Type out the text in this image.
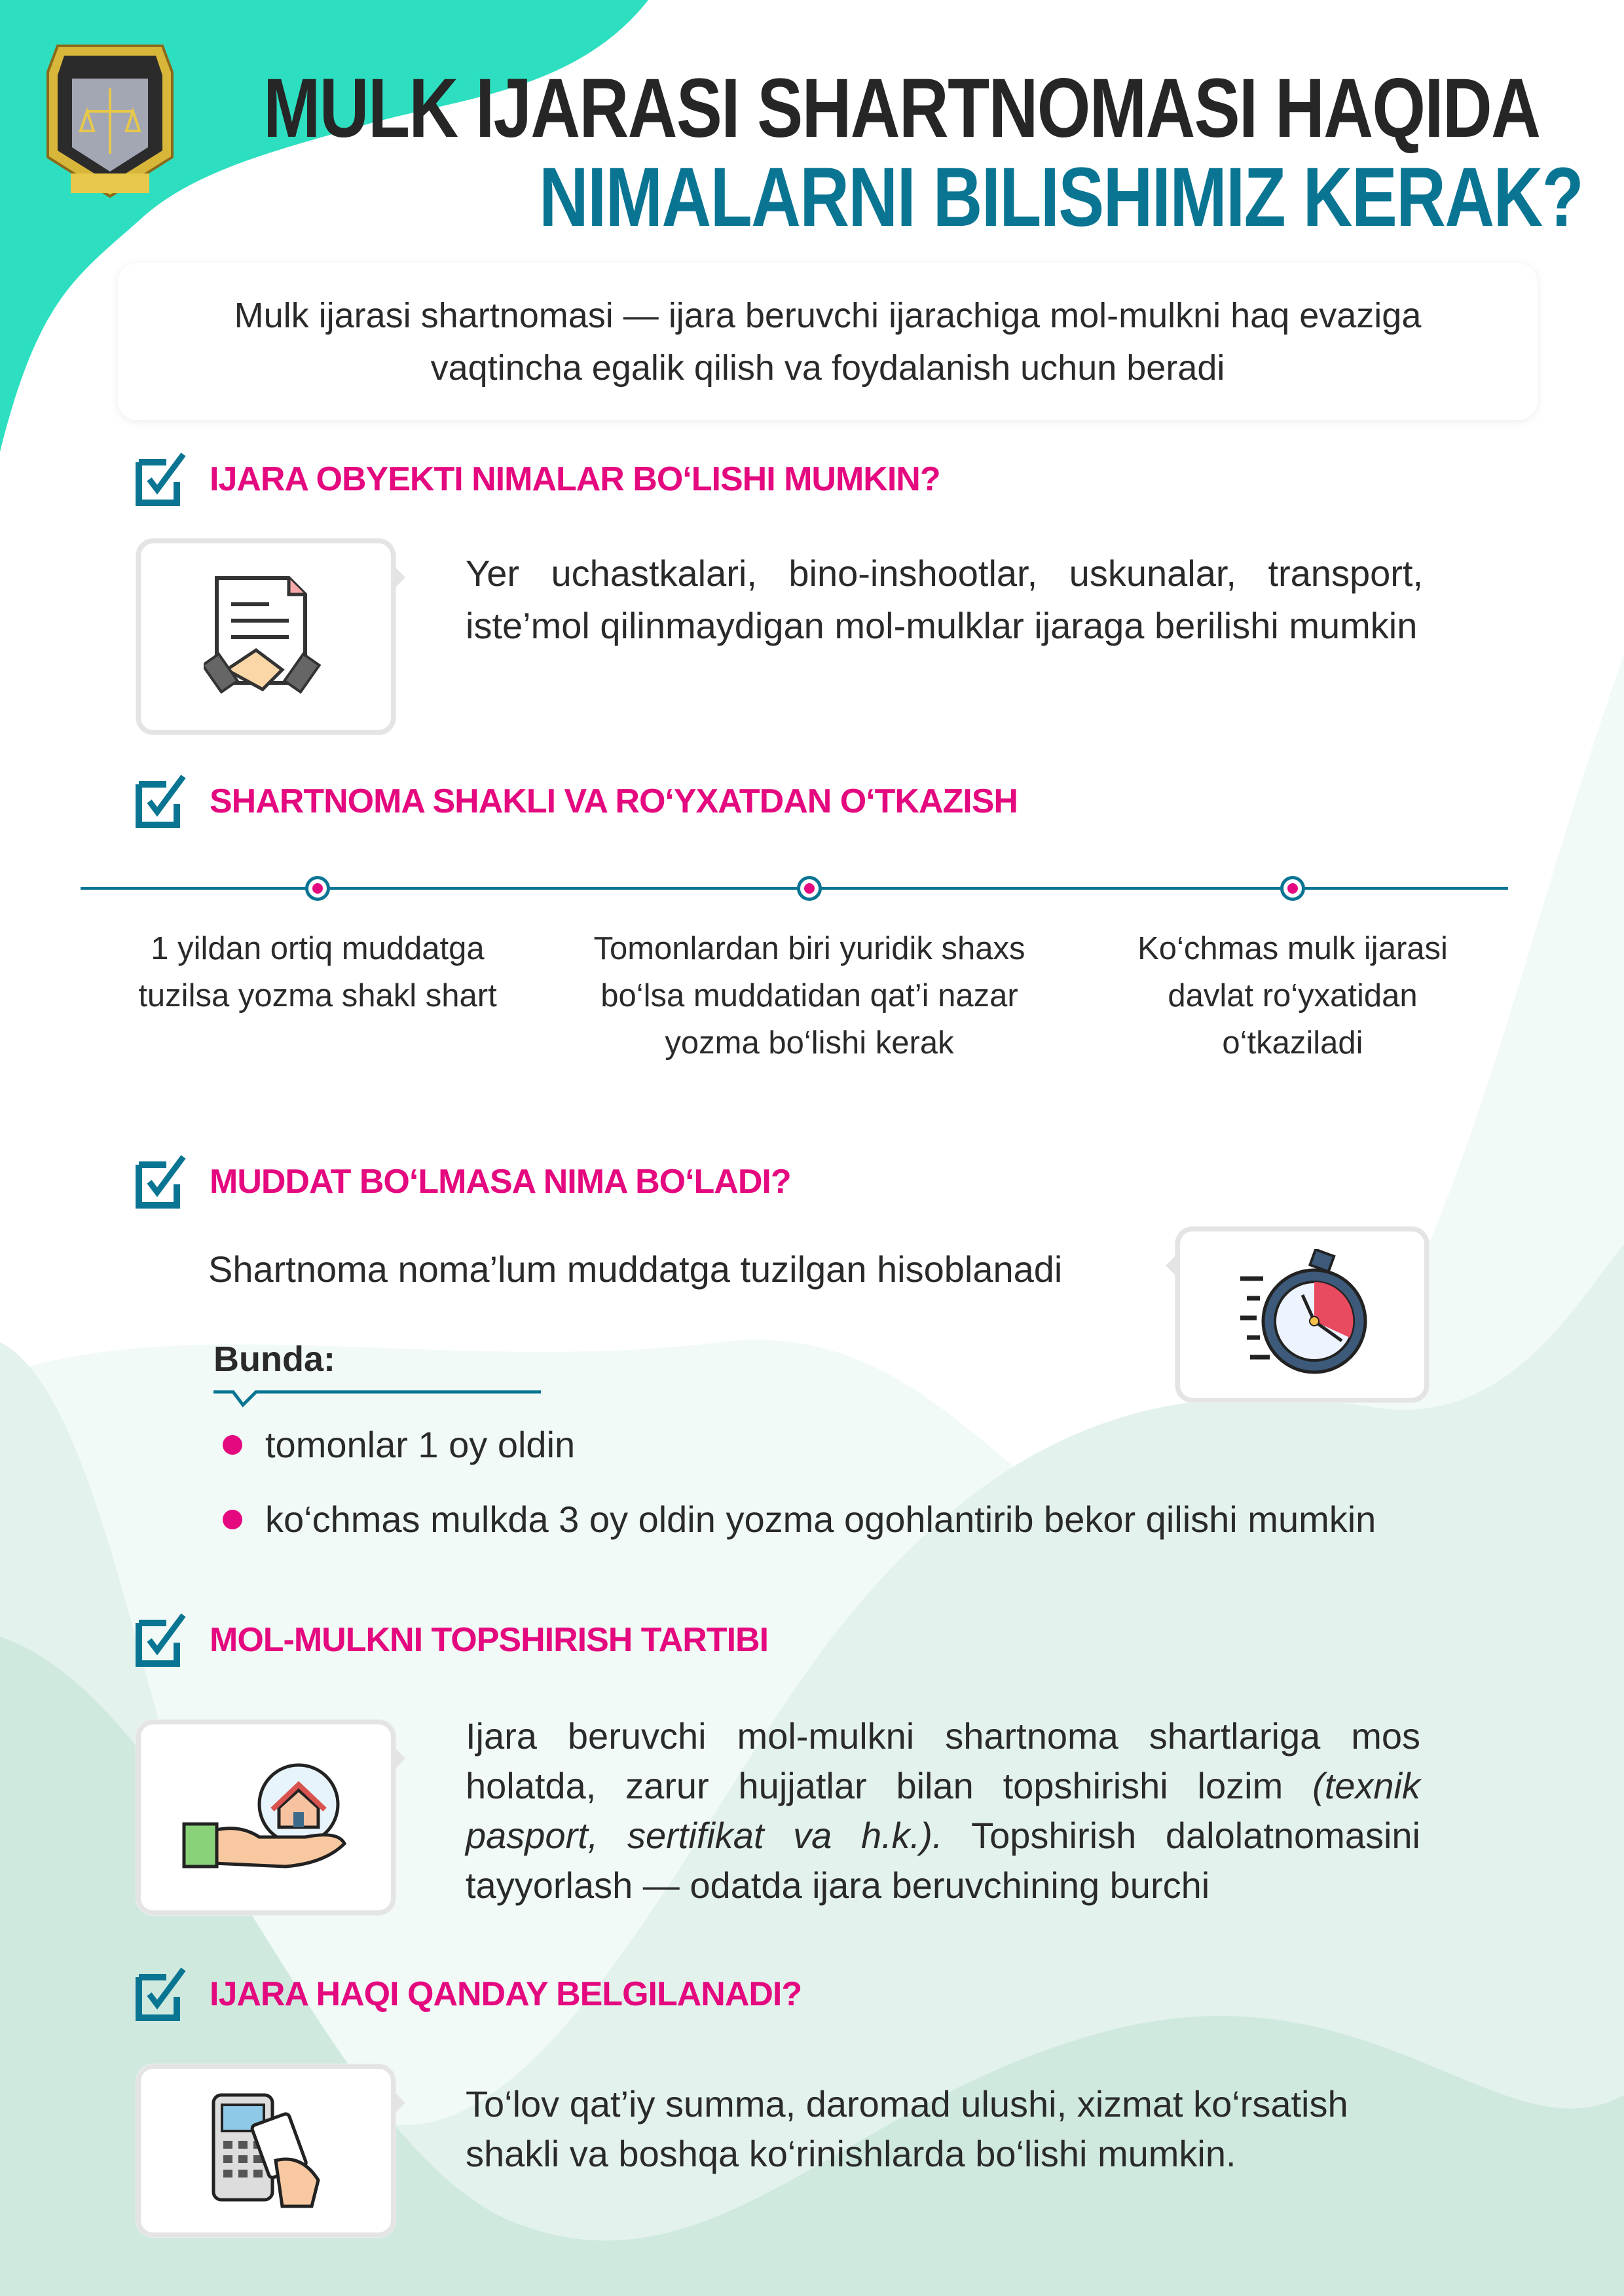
MULK IJARASI SHARTNOMASI HAQIDA
NIMALARNI BILISHIMIZ KERAK?
Mulk ijarasi shartnomasi — ijara beruvchi ijarachiga mol-mulkni haq evaziga vaqtincha egalik qilish va foydalanish uchun beradi
IJARA OBYEKTI NIMALAR BO‘LISHI MUMKIN?
Yer uchastkalari, bino-inshootlar, uskunalar, transport, iste’mol qilinmaydigan mol-mulklar ijaraga berilishi mumkin
SHARTNOMA SHAKLI VA RO‘YXATDAN O‘TKAZISH
1 yildan ortiq muddatga tuzilsa yozma shakl shart
Tomonlardan biri yuridik shaxs bo‘lsa muddatidan qat’i nazar yozma bo‘lishi kerak
Ko‘chmas mulk ijarasi davlat ro‘yxatidan o‘tkaziladi
MUDDAT BO‘LMASA NIMA BO‘LADI?
Shartnoma noma’lum muddatga tuzilgan hisoblanadi
Bunda:
tomonlar 1 oy oldin
ko‘chmas mulkda 3 oy oldin yozma ogohlantirib bekor qilishi mumkin
MOL-MULKNI TOPSHIRISH TARTIBI
Ijara beruvchi mol-mulkni shartnoma shartlariga mos holatda, zarur hujjatlar bilan topshirishi lozim (texnik pasport, sertifikat va h.k.). Topshirish dalolatnomasini tayyorlash — odatda ijara beruvchining burchi
IJARA HAQI QANDAY BELGILANADI?
To‘lov qat’iy summa, daromad ulushi, xizmat ko‘rsatish shakli va boshqa ko‘rinishlarda bo‘lishi mumkin.
